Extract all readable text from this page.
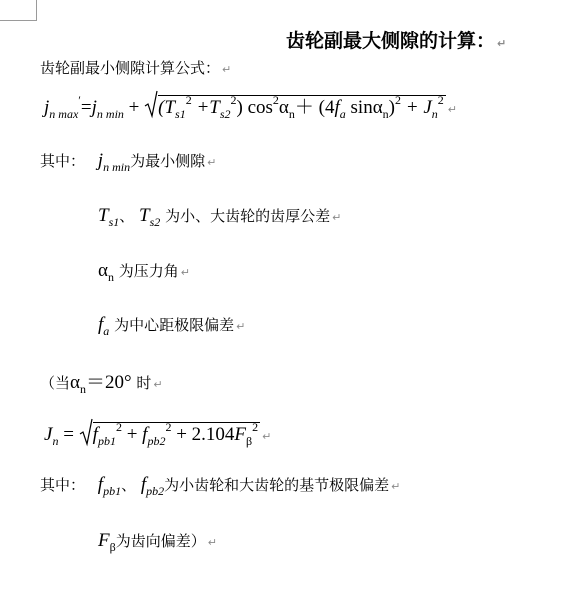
齿轮副最大侧隙的计算： ↵
齿轮副最小侧隙计算公式： ↵
$j_{n max}'=j_{n min} + (T_{s1}^2 +T_{s2}^2)$ $\cos^2\alpha_n+ (4f_a$ $\sin\alpha_n)^2 + J_n^2↵$
其中： $j_{n min}$为最小侧隙 ↵
$T_{s1}$、 $T_{s2}$ 为小、大齿轮的齿厚公差 ↵
$\alpha_n$ 为压力角 ↵
$f_a$ 为中心距极限偏差 ↵
（当$\alpha_n=20^\circ$ 时 ↵
$J_n$ =
$f_{pb1}^2 + f_{pb2}^2$ + $2.104F_\beta^2↵$
其中： $f_{pb1}$、 $f_{pb2}$为小齿轮和大齿轮的基节极限偏差 ↵
$F_\beta$为齿向偏差） ↵
